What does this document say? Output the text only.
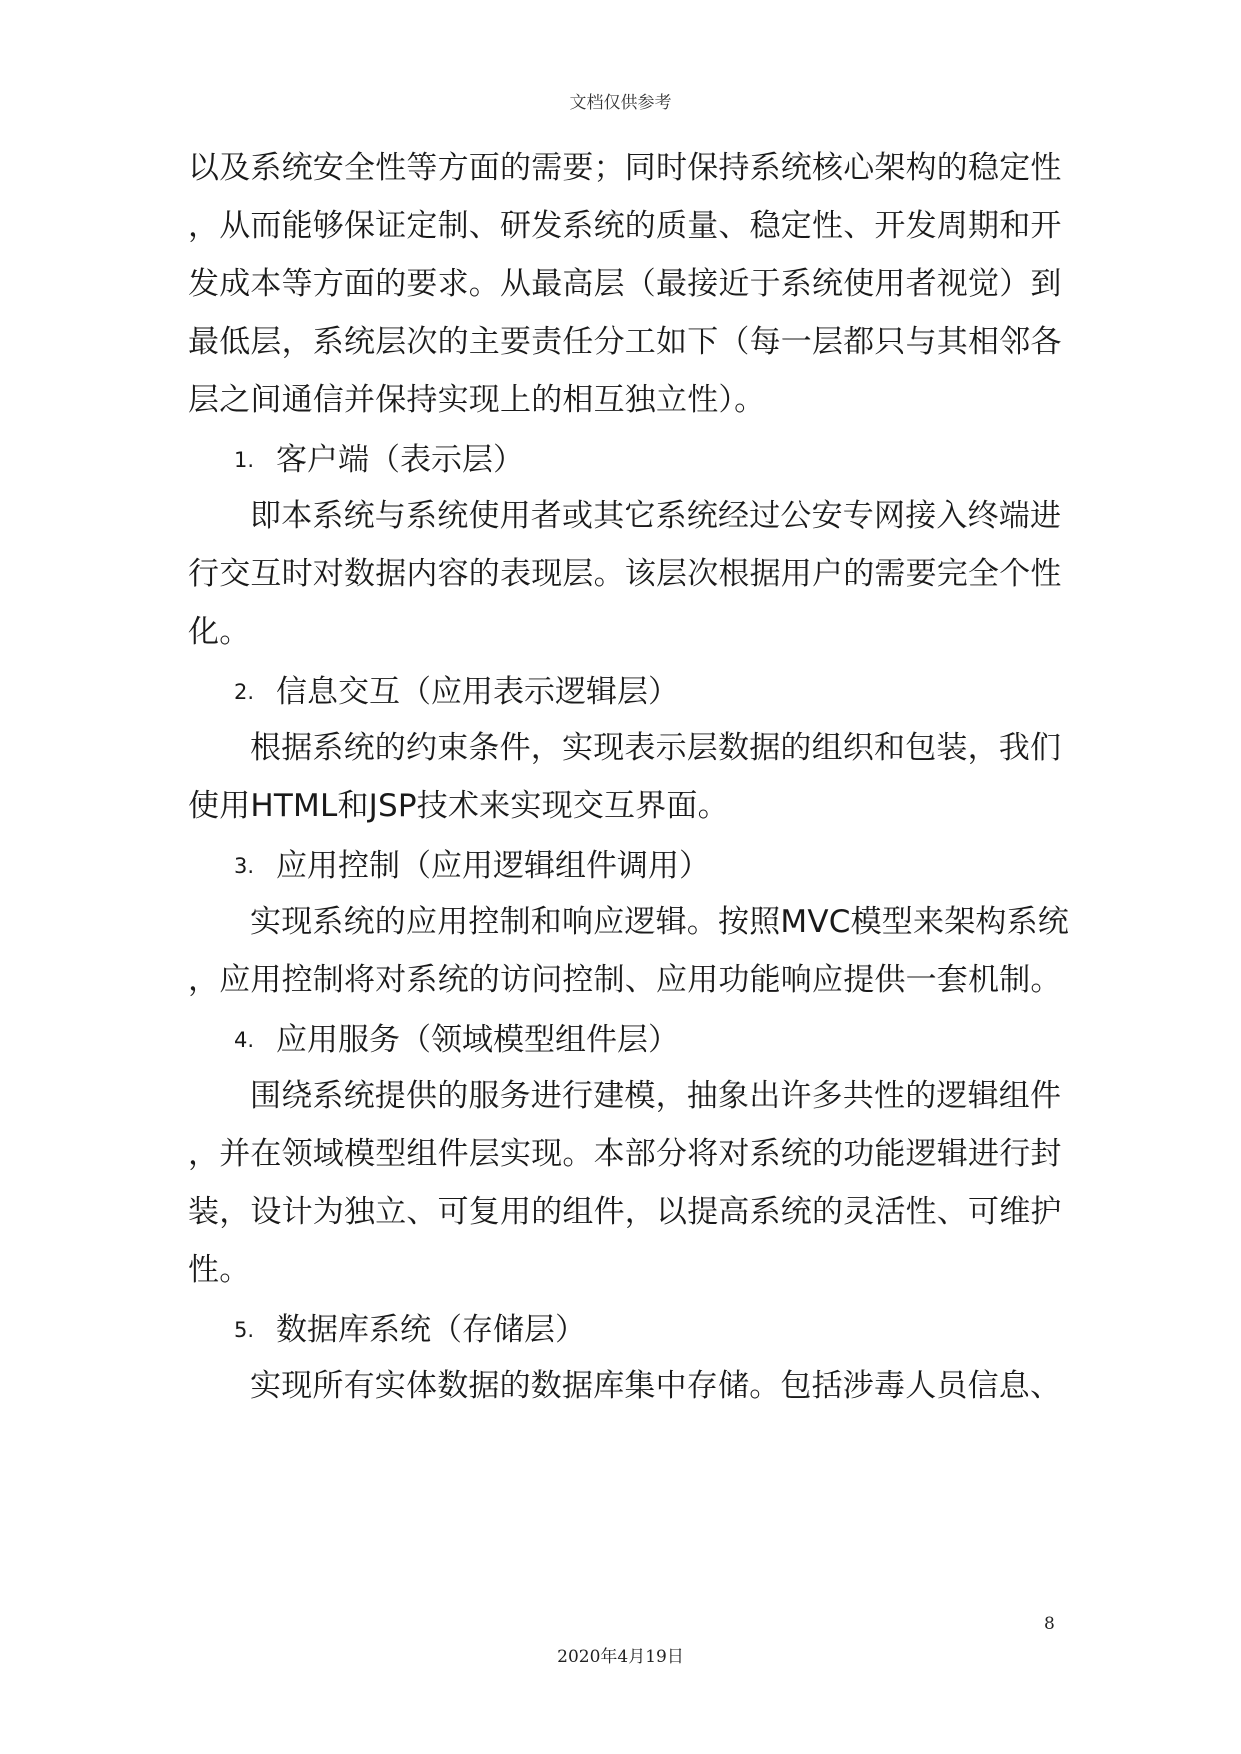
文档仅供参考
以及系统安全性等方面的需要；同时保持系统核心架构的稳定性
，从而能够保证定制、研发系统的质量、稳定性、开发周期和开
发成本等方面的要求。从最高层（最接近于系统使用者视觉）到
最低层，系统层次的主要责任分工如下（每一层都只与其相邻各
层之间通信并保持实现上的相互独立性）。
1. 客户端（表示层）
即本系统与系统使用者或其它系统经过公安专网接入终端进
行交互时对数据内容的表现层。该层次根据用户的需要完全个性
化。
2. 信息交互（应用表示逻辑层）
根据系统的约束条件，实现表示层数据的组织和包装，我们
使用HTML和JSP技术来实现交互界面。
3. 应用控制（应用逻辑组件调用）
实现系统的应用控制和响应逻辑。按照MVC模型来架构系统
，应用控制将对系统的访问控制、应用功能响应提供一套机制。
4. 应用服务（领域模型组件层）
围绕系统提供的服务进行建模，抽象出许多共性的逻辑组件
，并在领域模型组件层实现。本部分将对系统的功能逻辑进行封
装，设计为独立、可复用的组件，以提高系统的灵活性、可维护
性。
5. 数据库系统（存储层）
实现所有实体数据的数据库集中存储。包括涉毒人员信息、
8
2020年4月19日
